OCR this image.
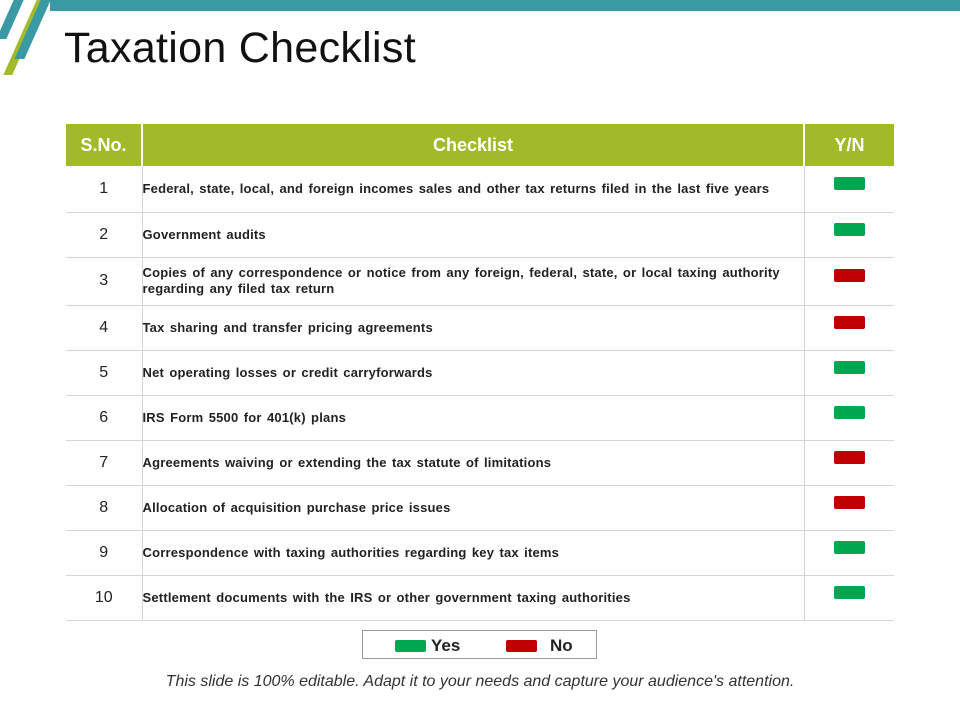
Taxation Checklist
S.No.	Checklist	Y/N
1	Federal, state, local, and foreign incomes sales and other tax returns filed in the last five years	
2	Government audits	
3	Copies of any correspondence or notice from any foreign, federal, state, or local taxing authority regarding any filed tax return	
4	Tax sharing and transfer pricing agreements	
5	Net operating losses or credit carryforwards	
6	IRS Form 5500 for 401(k) plans	
7	Agreements waiving or extending the tax statute of limitations	
8	Allocation of acquisition purchase price issues	
9	Correspondence with taxing authorities regarding key tax items	
10	Settlement documents with the IRS or other government taxing authorities	
Yes	No
This slide is 100% editable. Adapt it to your needs and capture your audience's attention.
